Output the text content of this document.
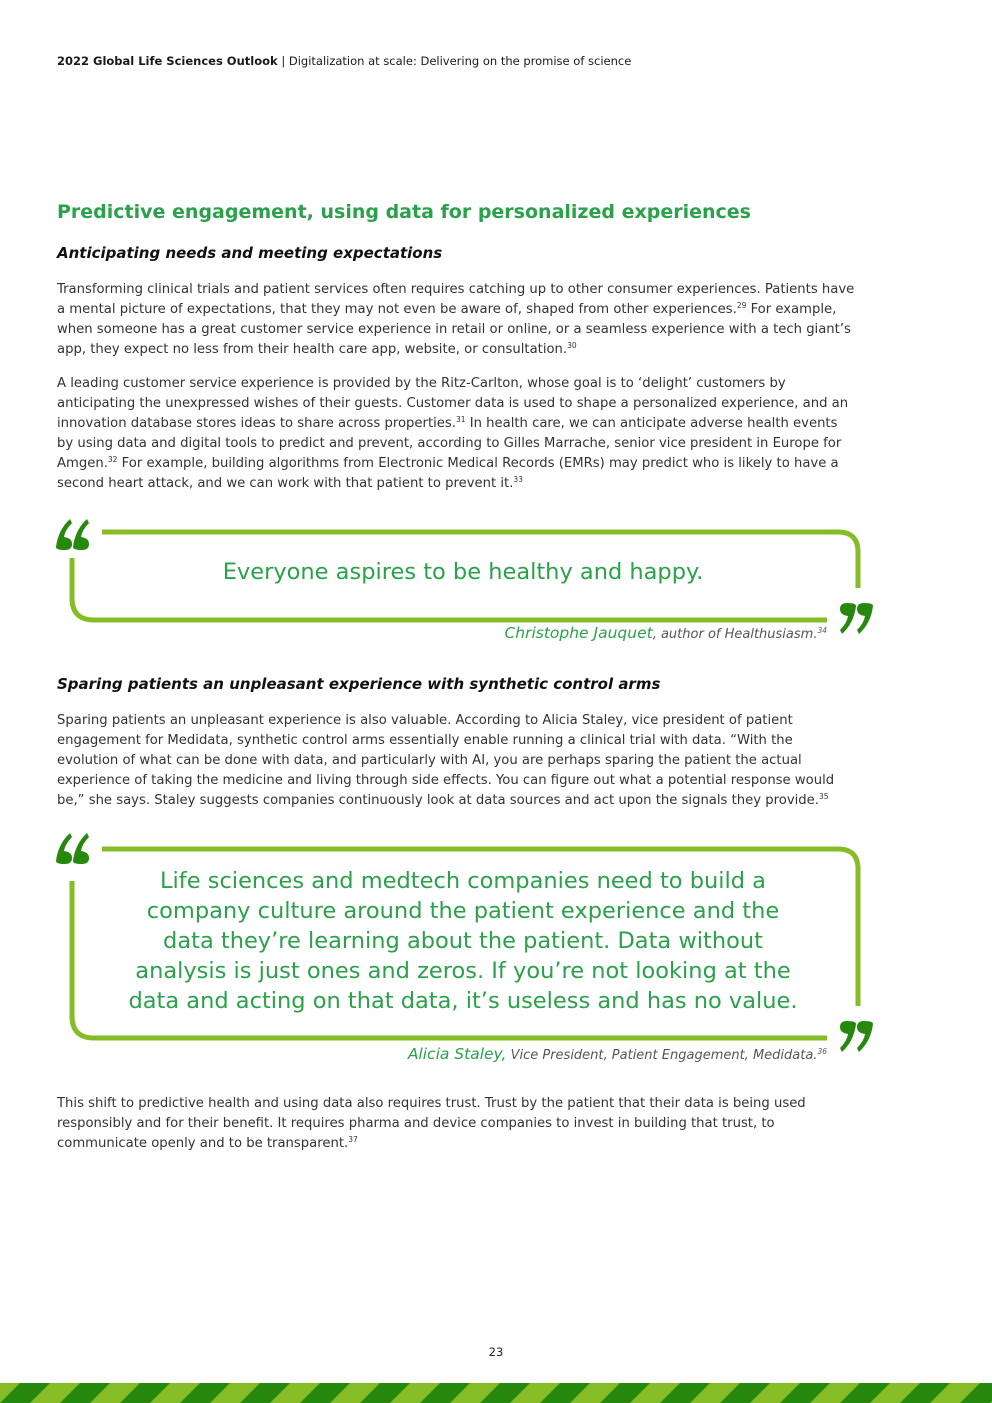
2022 Global Life Sciences Outlook | Digitalization at scale: Delivering on the promise of science
Predictive engagement, using data for personalized experiences
Anticipating needs and meeting expectations

Transforming clinical trials and patient services often requires catching up to other consumer experiences. Patients have a mental picture of expectations, that they may not even be aware of, shaped from other experiences.$^{29}$ For example, when someone has a great customer service experience in retail or online, or a seamless experience with a tech giant’s app, they expect no less from their health care app, website, or consultation.$^{30}$

A leading customer service experience is provided by the Ritz-Carlton, whose goal is to ‘delight’ customers by anticipating the unexpressed wishes of their guests. Customer data is used to shape a personalized experience, and an innovation database stores ideas to share across properties.$^{31}$ In health care, we can anticipate adverse health events by using data and digital tools to predict and prevent, according to Gilles Marrache, senior vice president in Europe for Amgen.$^{32}$ For example, building algorithms from Electronic Medical Records (EMRs) may predict who is likely to have a second heart attack, and we can work with that patient to prevent it.$^{33}$

Everyone aspires to be healthy and happy.

Christophe Jauquet, author of Healthusiasm.$^{34}$
Sparing patients an unpleasant experience with synthetic control arms

Sparing patients an unpleasant experience is also valuable. According to Alicia Staley, vice president of patient engagement for Medidata, synthetic control arms essentially enable running a clinical trial with data. “With the evolution of what can be done with data, and particularly with AI, you are perhaps sparing the patient the actual experience of taking the medicine and living through side effects. You can figure out what a potential response would be,” she says. Staley suggests companies continuously look at data sources and act upon the signals they provide.$^{35}$

Life sciences and medtech companies need to build a company culture around the patient experience and the data they’re learning about the patient. Data without analysis is just ones and zeros. If you’re not looking at the data and acting on that data, it’s useless and has no value.

Alicia Staley, Vice President, Patient Engagement, Medidata.$^{36}$

This shift to predictive health and using data also requires trust. Trust by the patient that their data is being used responsibly and for their benefit. It requires pharma and device companies to invest in building that trust, to communicate openly and to be transparent.$^{37}$

23
